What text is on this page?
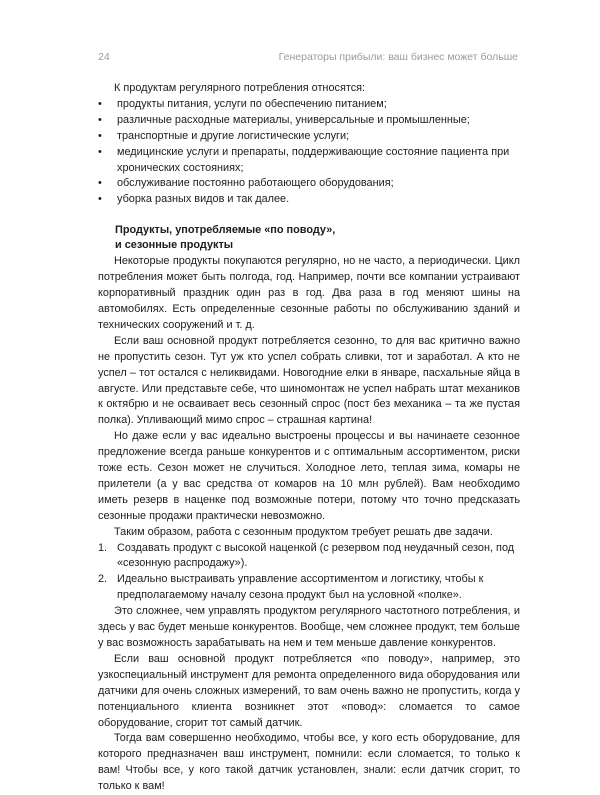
24	Генераторы прибыли: ваш бизнес может больше

К продуктам регулярного потребления относятся:

• продукты питания, услуги по обеспечению питанием;
• различные расходные материалы, универсальные и промышленные;
• транспортные и другие логистические услуги;
• медицинские услуги и препараты, поддерживающие состояние пациента при хронических состояниях;
• обслуживание постоянно работающего оборудования;
• уборка разных видов и так далее.

Продукты, употребляемые «по поводу»,
и сезонные продукты

Некоторые продукты покупаются регулярно, но не часто, а периодически. Цикл потребления может быть полгода, год. Например, почти все компании устраивают корпоративный праздник один раз в год. Два раза в год меняют шины на автомобилях. Есть определенные сезонные работы по обслуживанию зданий и технических сооружений и т. д.

Если ваш основной продукт потребляется сезонно, то для вас критично важно не пропустить сезон. Тут уж кто успел собрать сливки, тот и заработал. А кто не успел – тот остался с неликвидами. Новогодние елки в январе, пасхальные яйца в августе. Или представьте себе, что шиномонтаж не успел набрать штат механиков к октябрю и не осваивает весь сезонный спрос (пост без механика – та же пустая полка). Упливающий мимо спрос – страшная картина!

Но даже если у вас идеально выстроены процессы и вы начинаете сезонное предложение всегда раньше конкурентов и с оптимальным ассортиментом, риски тоже есть. Сезон может не случиться. Холодное лето, теплая зима, комары не прилетели (а у вас средства от комаров на 10 млн рублей). Вам необходимо иметь резерв в наценке под возможные потери, потому что точно предсказать сезонные продажи практически невозможно.

Таким образом, работа с сезонным продуктом требует решать две задачи.

1. Создавать продукт с высокой наценкой (с резервом под неудачный сезон, под «сезонную распродажу»).
2. Идеально выстраивать управление ассортиментом и логистику, чтобы к предполагаемому началу сезона продукт был на условной «полке».

Это сложнее, чем управлять продуктом регулярного частотного потребления, и здесь у вас будет меньше конкурентов. Вообще, чем сложнее продукт, тем больше у вас возможность зарабатывать на нем и тем меньше давление конкурентов.

Если ваш основной продукт потребляется «по поводу», например, это узкоспециальный инструмент для ремонта определенного вида оборудования или датчики для очень сложных измерений, то вам очень важно не пропустить, когда у потенциального клиента возникнет этот «повод»: сломается то самое оборудование, сгорит тот самый датчик.

Тогда вам совершенно необходимо, чтобы все, у кого есть оборудование, для которого предназначен ваш инструмент, помнили: если сломается, то только к вам! Чтобы все, у кого такой датчик установлен, знали: если датчик сгорит, то только к вам!
